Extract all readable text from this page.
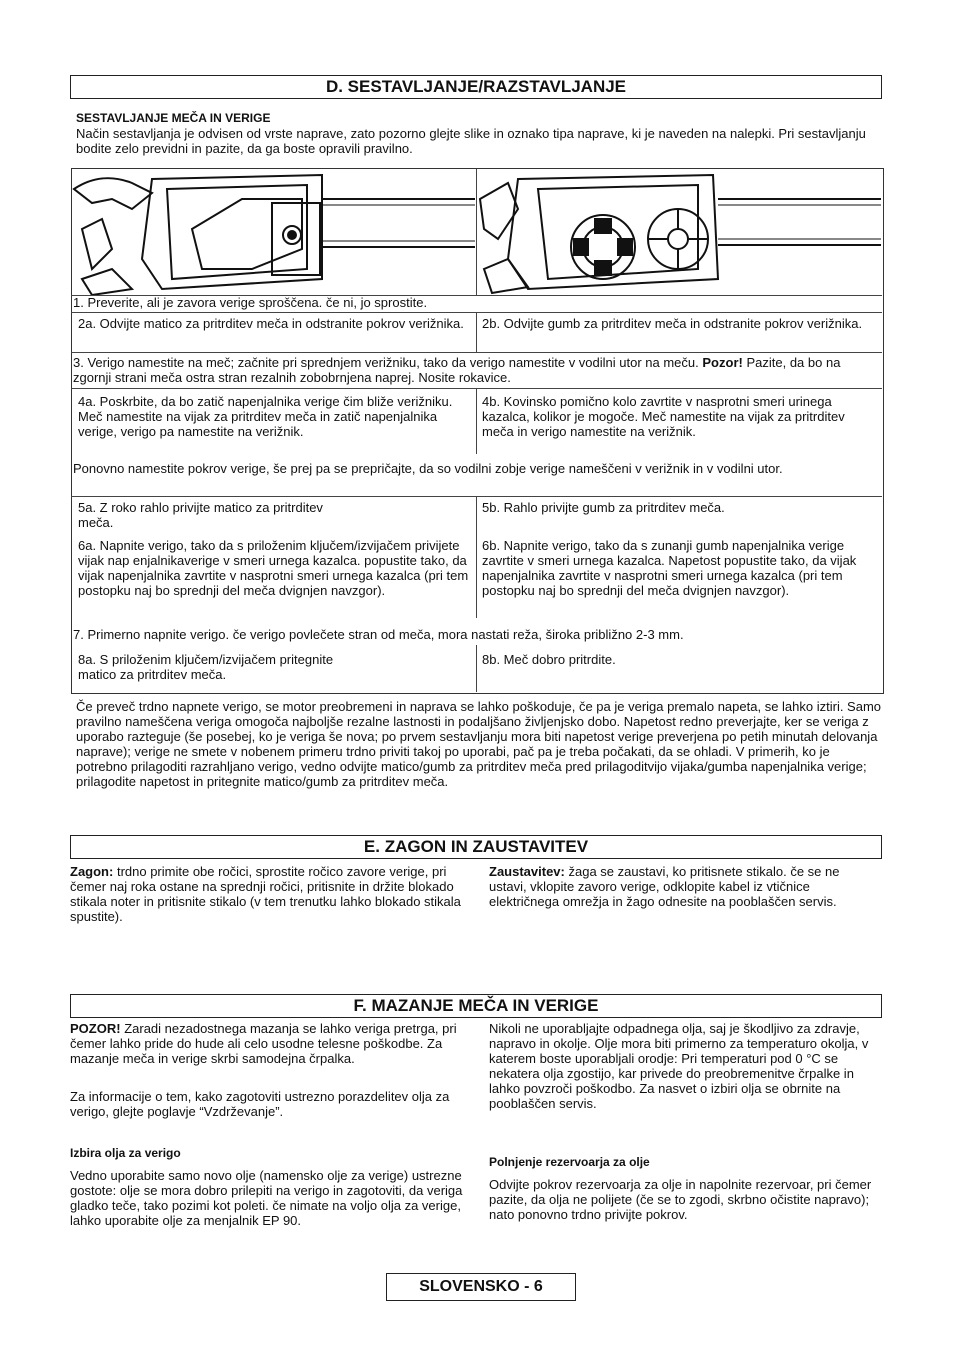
D. SESTAVLJANJE/RAZSTAVLJANJE
SESTAVLJANJE MEČA IN VERIGE
Način sestavljanja je odvisen od vrste naprave, zato pozorno glejte slike in oznako tipa naprave, ki je naveden na nalepki. Pri sestavljanju bodite zelo previdni in pazite, da ga boste opravili pravilno.
1. Preverite, ali je zavora verige sproščena. če ni, jo sprostite.
2a. Odvijte matico za pritrditev meča in odstranite pokrov verižnika.	2b. Odvijte gumb za pritrditev meča in odstranite pokrov verižnika.
3. Verigo namestite na meč; začnite pri sprednjem verižniku, tako da verigo namestite v vodilni utor na meču. Pozor! Pazite, da bo na zgornji strani meča ostra stran rezalnih zobobrnjena naprej. Nosite rokavice.
4a. Poskrbite, da bo zatič napenjalnika verige čim bliže verižniku. Meč namestite na vijak za pritrditev meča in zatič napenjalnika verige, verigo pa namestite na verižnik.
4b. Kovinsko pomično kolo zavrtite v nasprotni smeri urinega kazalca, kolikor je mogoče. Meč namestite na vijak za pritrditev meča in verigo namestite na verižnik.
Ponovno namestite pokrov verige, še prej pa se prepričajte, da so vodilni zobje verige nameščeni v verižnik in v vodilni utor.
5a. Z roko rahlo privijte matico za pritrditev meča.
5b. Rahlo privijte gumb za pritrditev meča.
6a. Napnite verigo, tako da s priloženim ključem/izvijačem privijete vijak nap enjalnikaverige v smeri urnega kazalca. popustite tako, da vijak napenjalnika zavrtite v nasprotni smeri urnega kazalca (pri tem postopku naj bo sprednji del meča dvignjen navzgor).
6b. Napnite verigo, tako da s zunanji gumb napenjalnika verige zavrtite v smeri urnega kazalca. Napetost popustite tako, da vijak napenjalnika zavrtite v nasprotni smeri urnega kazalca (pri tem postopku naj bo sprednji del meča dvignjen navzgor).
7. Primerno napnite verigo. če verigo povlečete stran od meča, mora nastati reža, široka približno 2-3 mm.
8a. S priloženim ključem/izvijačem pritegnite matico za pritrditev meča.
8b. Meč dobro pritrdite.
Če preveč trdno napnete verigo, se motor preobremeni in naprava se lahko poškoduje, če pa je veriga premalo napeta, se lahko iztiri. Samo pravilno nameščena veriga omogoča najboljše rezalne lastnosti in podaljšano življenjsko dobo. Napetost redno preverjajte, ker se veriga z uporabo razteguje (še posebej, ko je veriga še nova; po prvem sestavljanju mora biti napetost verige preverjena po petih minutah delovanja naprave); verige ne smete v nobenem primeru trdno priviti takoj po uporabi, pač pa je treba počakati, da se ohladi. V primerih, ko je potrebno prilagoditi razrahljano verigo, vedno odvijte matico/gumb za pritrditev meča pred prilagoditvijo vijaka/gumba napenjalnika verige; prilagodite napetost in pritegnite matico/gumb za pritrditev meča.
E. ZAGON IN ZAUSTAVITEV
Zagon: trdno primite obe ročici, sprostite ročico zavore verige, pri čemer naj roka ostane na sprednji ročici, pritisnite in držite blokado stikala noter in pritisnite stikalo (v tem trenutku lahko blokado stikala spustite).
Zaustavitev: žaga se zaustavi, ko pritisnete stikalo. če se ne ustavi, vklopite zavoro verige, odklopite kabel iz vtičnice električnega omrežja in žago odnesite na pooblaščen servis.
F. MAZANJE MEČA IN VERIGE
POZOR! Zaradi nezadostnega mazanja se lahko veriga pretrga, pri čemer lahko pride do hude ali celo usodne telesne poškodbe. Za mazanje meča in verige skrbi samodejna črpalka.
Za informacije o tem, kako zagotoviti ustrezno porazdelitev olja za verigo, glejte poglavje “Vzdrževanje”.
Izbira olja za verigo
Vedno uporabite samo novo olje (namensko olje za verige) ustrezne gostote: olje se mora dobro prilepiti na verigo in zagotoviti, da veriga gladko teče, tako pozimi kot poleti. če nimate na voljo olja za verige, lahko uporabite olje za menjalnik EP 90.
Nikoli ne uporabljajte odpadnega olja, saj je škodljivo za zdravje, napravo in okolje. Olje mora biti primerno za temperaturo okolja, v katerem boste uporabljali orodje: Pri temperaturi pod 0 °C se nekatera olja zgostijo, kar privede do preobremenitve črpalke in lahko povzroči poškodbo. Za nasvet o izbiri olja se obrnite na pooblaščen servis.
Polnjenje rezervoarja za olje
Odvijte pokrov rezervoarja za olje in napolnite rezervoar, pri čemer pazite, da olja ne polijete (če se to zgodi, skrbno očistite napravo); nato ponovno trdno privijte pokrov.
SLOVENSKO - 6
